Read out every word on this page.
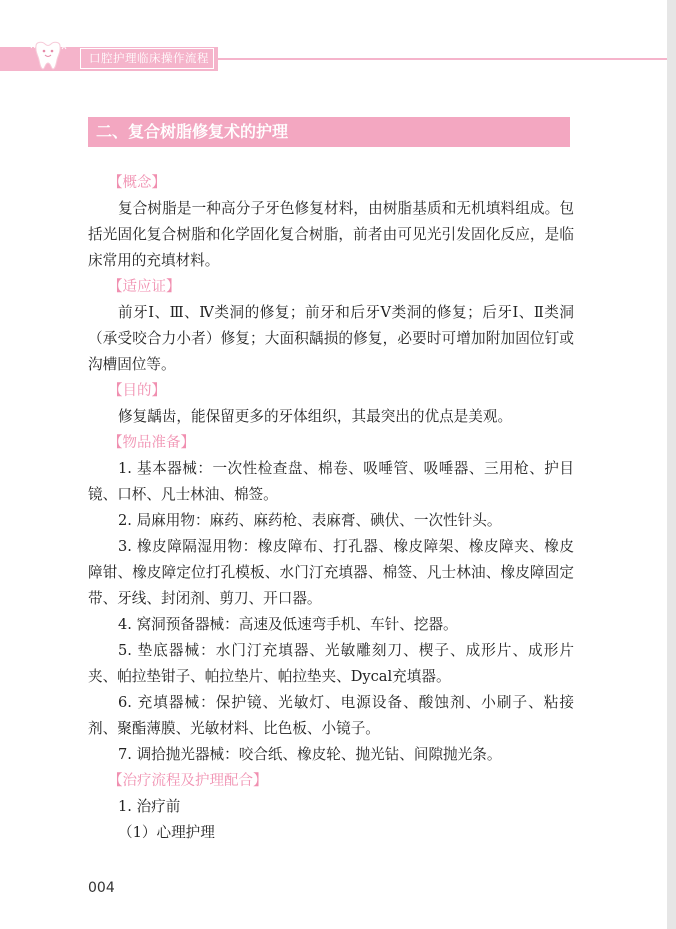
口腔护理临床操作流程
二、复合树脂修复术的护理
【概念】
复合树脂是一种高分子牙色修复材料，由树脂基质和无机填料组成。包括光固化复合树脂和化学固化复合树脂，前者由可见光引发固化反应，是临床常用的充填材料。
【适应证】
前牙Ⅰ、Ⅲ、Ⅳ类洞的修复；前牙和后牙Ⅴ类洞的修复；后牙Ⅰ、Ⅱ类洞（承受咬合力小者）修复；大面积龋损的修复，必要时可增加附加固位钉或沟槽固位等。
【目的】
修复龋齿，能保留更多的牙体组织，其最突出的优点是美观。
【物品准备】
1. 基本器械：一次性检查盘、棉卷、吸唾管、吸唾器、三用枪、护目镜、口杯、凡士林油、棉签。
2. 局麻用物：麻药、麻药枪、表麻膏、碘伏、一次性针头。
3. 橡皮障隔湿用物：橡皮障布、打孔器、橡皮障架、橡皮障夹、橡皮障钳、橡皮障定位打孔模板、水门汀充填器、棉签、凡士林油、橡皮障固定带、牙线、封闭剂、剪刀、开口器。
4. 窝洞预备器械：高速及低速弯手机、车针、挖器。
5. 垫底器械：水门汀充填器、光敏雕刻刀、楔子、成形片、成形片夹、帕拉垫钳子、帕拉垫片、帕拉垫夹、Dycal充填器。
6. 充填器械：保护镜、光敏灯、电源设备、酸蚀剂、小刷子、粘接剂、聚酯薄膜、光敏材料、比色板、小镜子。
7. 调拾抛光器械：咬合纸、橡皮轮、抛光钻、间隙抛光条。
【治疗流程及护理配合】
1. 治疗前
（1）心理护理
004
